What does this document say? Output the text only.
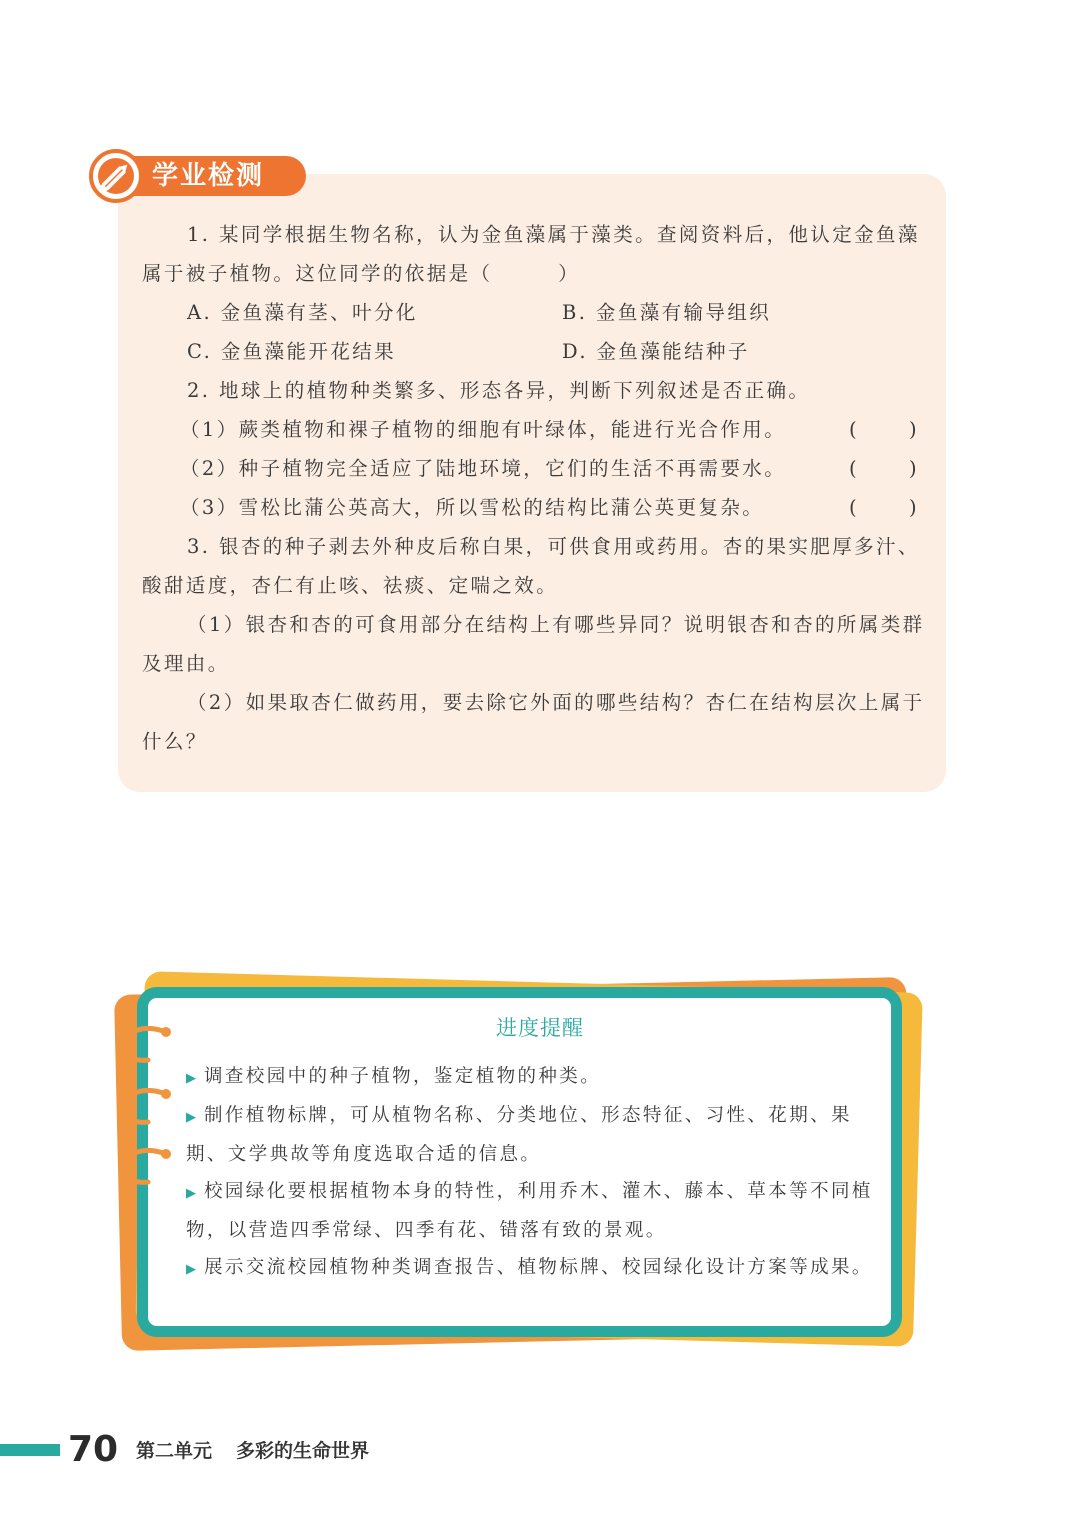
学业检测

1. 某同学根据生物名称，认为金鱼藻属于藻类。查阅资料后，他认定金鱼藻属于被子植物。这位同学的依据是（　　　）

A. 金鱼藻有茎、叶分化	B. 金鱼藻有输导组织
C. 金鱼藻能开花结果	D. 金鱼藻能结种子

2. 地球上的植物种类繁多、形态各异，判断下列叙述是否正确。

（1）蕨类植物和裸子植物的细胞有叶绿体，能进行光合作用。	(	)
（2）种子植物完全适应了陆地环境，它们的生活不再需要水。	(	)
（3）雪松比蒲公英高大，所以雪松的结构比蒲公英更复杂。	(	)

3. 银杏的种子剥去外种皮后称白果，可供食用或药用。杏的果实肥厚多汁、酸甜适度，杏仁有止咳、祛痰、定喘之效。

（1）银杏和杏的可食用部分在结构上有哪些异同？说明银杏和杏的所属类群及理由。

（2）如果取杏仁做药用，要去除它外面的哪些结构？杏仁在结构层次上属于什么？

进度提醒

▶ 调查校园中的种子植物，鉴定植物的种类。

▶ 制作植物标牌，可从植物名称、分类地位、形态特征、习性、花期、果期、文学典故等角度选取合适的信息。

▶ 校园绿化要根据植物本身的特性，利用乔木、灌木、藤本、草本等不同植物，以营造四季常绿、四季有花、错落有致的景观。

▶ 展示交流校园植物种类调查报告、植物标牌、校园绿化设计方案等成果。

70 第二单元 多彩的生命世界
